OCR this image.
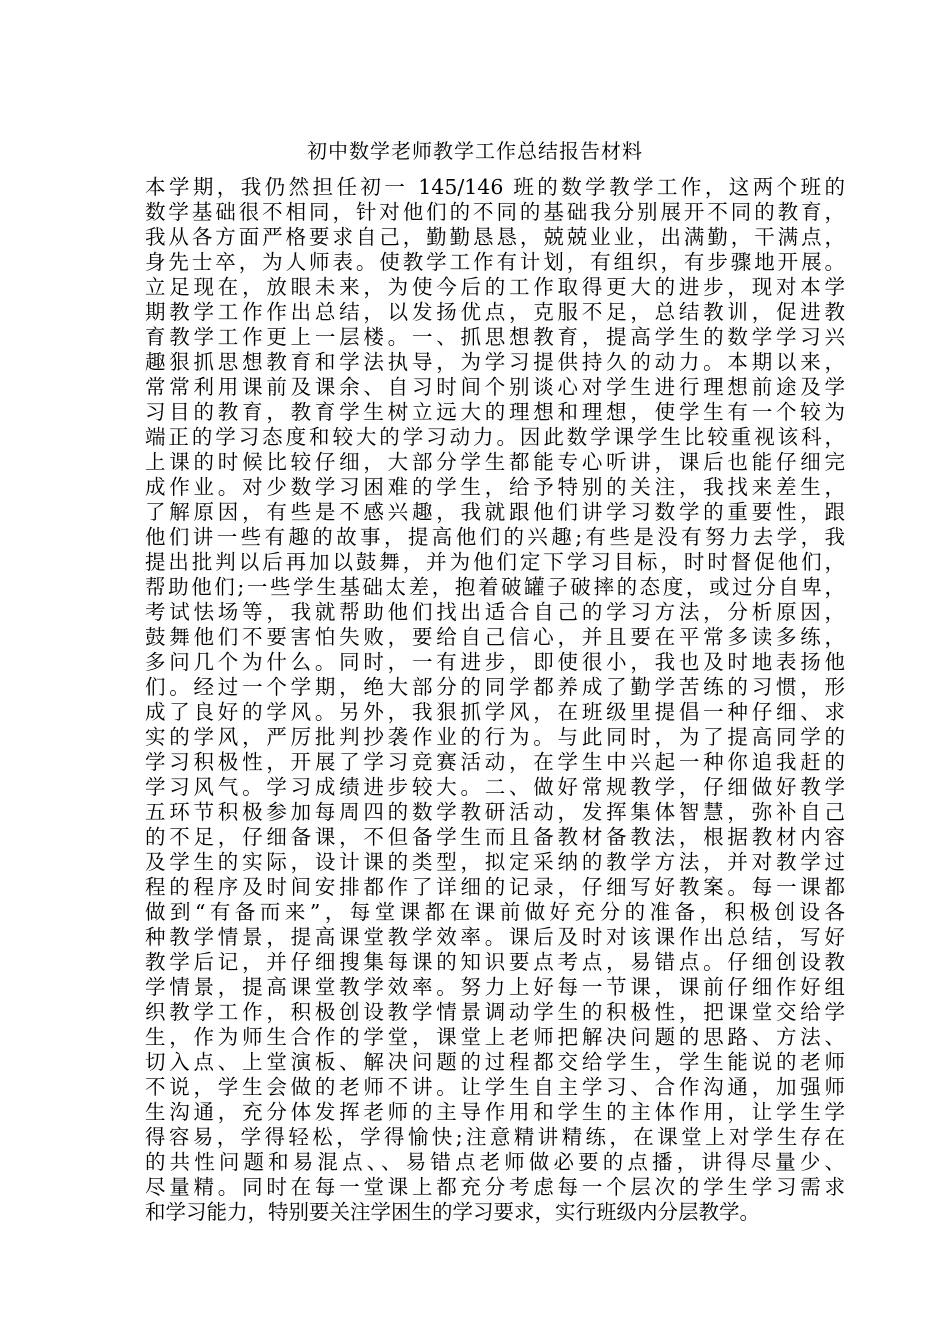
初中数学老师教学工作总结报告材料
本学期，我仍然担任初一 145/146 班的数学教学工作，这两个班的
数学基础很不相同，针对他们的不同的基础我分别展开不同的教育，
我从各方面严格要求自己，勤勤恳恳，兢兢业业，出满勤，干满点，
身先士卒，为人师表。使教学工作有计划，有组织，有步骤地开展。
立足现在，放眼未来，为使今后的工作取得更大的进步，现对本学
期教学工作作出总结，以发扬优点，克服不足，总结教训，促进教
育教学工作更上一层楼。一、抓思想教育，提高学生的数学学习兴
趣狠抓思想教育和学法执导，为学习提供持久的动力。本期以来，
常常利用课前及课余、自习时间个别谈心对学生进行理想前途及学
习目的教育，教育学生树立远大的理想和理想，使学生有一个较为
端正的学习态度和较大的学习动力。因此数学课学生比较重视该科，
上课的时候比较仔细，大部分学生都能专心听讲，课后也能仔细完
成作业。对少数学习困难的学生，给予特别的关注，我找来差生，
了解原因，有些是不感兴趣，我就跟他们讲学习数学的重要性，跟
他们讲一些有趣的故事，提高他们的兴趣;有些是没有努力去学，我
提出批判以后再加以鼓舞，并为他们定下学习目标，时时督促他们，
帮助他们;一些学生基础太差，抱着破罐子破摔的态度，或过分自卑，
考试怯场等，我就帮助他们找出适合自己的学习方法，分析原因，
鼓舞他们不要害怕失败，要给自己信心，并且要在平常多读多练，
多问几个为什么。同时，一有进步，即使很小，我也及时地表扬他
们。经过一个学期，绝大部分的同学都养成了勤学苦练的习惯，形
成了良好的学风。另外，我狠抓学风，在班级里提倡一种仔细、求
实的学风，严厉批判抄袭作业的行为。与此同时，为了提高同学的
学习积极性，开展了学习竞赛活动，在学生中兴起一种你追我赶的
学习风气。学习成绩进步较大。二、做好常规教学，仔细做好教学
五环节积极参加每周四的数学教研活动，发挥集体智慧，弥补自己
的不足，仔细备课，不但备学生而且备教材备教法，根据教材内容
及学生的实际，设计课的类型，拟定采纳的教学方法，并对教学过
程的程序及时间安排都作了详细的记录，仔细写好教案。每一课都
做到“有备而来”，每堂课都在课前做好充分的准备，积极创设各
种教学情景，提高课堂教学效率。课后及时对该课作出总结，写好
教学后记，并仔细搜集每课的知识要点考点，易错点。仔细创设教
学情景，提高课堂教学效率。努力上好每一节课，课前仔细作好组
织教学工作，积极创设教学情景调动学生的积极性，把课堂交给学
生，作为师生合作的学堂，课堂上老师把解决问题的思路、方法、
切入点、上堂演板、解决问题的过程都交给学生，学生能说的老师
不说，学生会做的老师不讲。让学生自主学习、合作沟通，加强师
生沟通，充分体发挥老师的主导作用和学生的主体作用，让学生学
得容易，学得轻松，学得愉快;注意精讲精练，在课堂上对学生存在
的共性问题和易混点、、易错点老师做必要的点播，讲得尽量少、
尽量精。同时在每一堂课上都充分考虑每一个层次的学生学习需求
和学习能力，特别要关注学困生的学习要求，实行班级内分层教学。
